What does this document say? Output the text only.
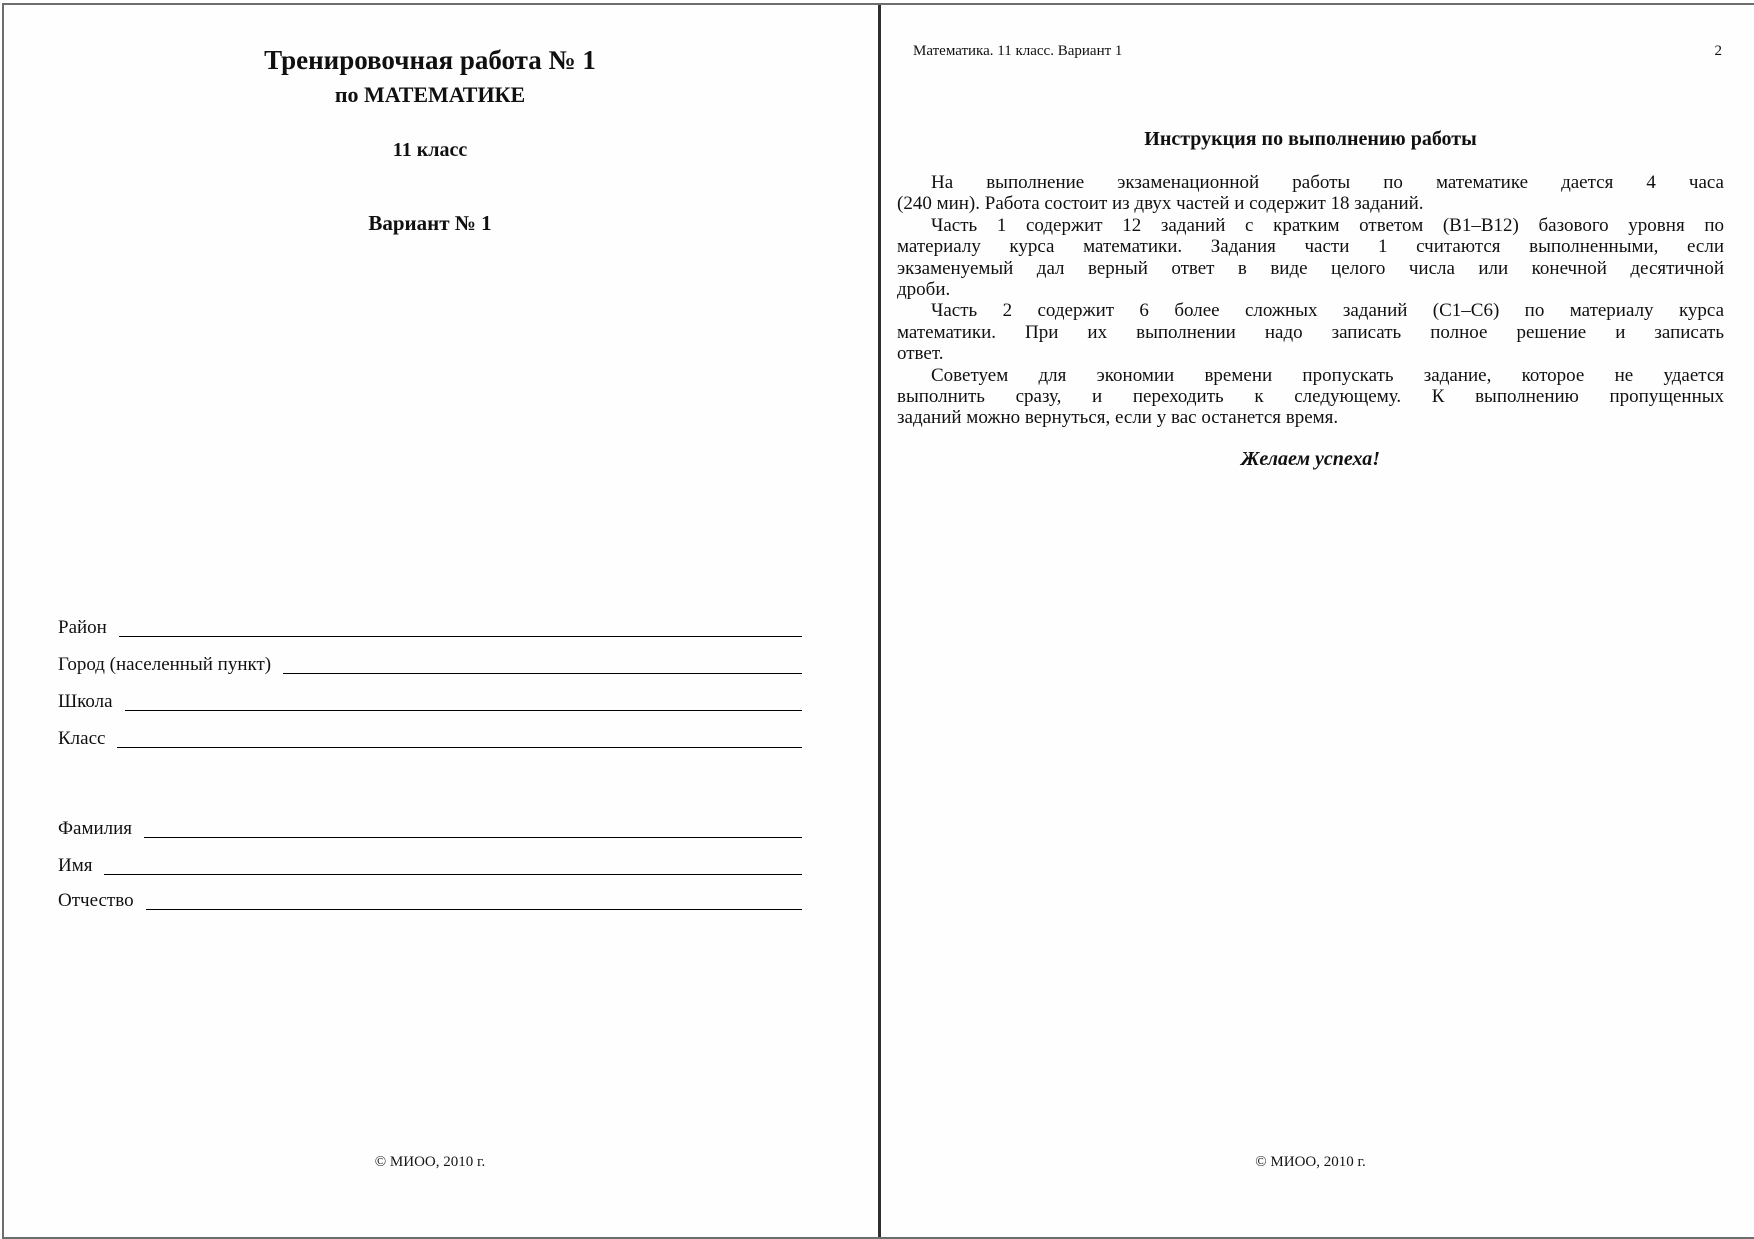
Тренировочная работа № 1
по МАТЕМАТИКЕ
11 класс
Вариант № 1
Район
Город (населенный пункт)
Школа
Класс
Фамилия
Имя
Отчество
© МИОО, 2010 г.
Математика. 11 класс. Вариант 1	2
Инструкция по выполнению работы
На выполнение экзаменационной работы по математике дается 4 часа
(240 мин). Работа состоит из двух частей и содержит 18 заданий.
Часть 1 содержит 12 заданий с кратким ответом (В1–В12) базового уровня по
материалу курса математики. Задания части 1 считаются выполненными, если
экзаменуемый дал верный ответ в виде целого числа или конечной десятичной
дроби.
Часть 2 содержит 6 более сложных заданий (С1–С6) по материалу курса
математики. При их выполнении надо записать полное решение и записать
ответ.
Советуем для экономии времени пропускать задание, которое не удается
выполнить сразу, и переходить к следующему. К выполнению пропущенных
заданий можно вернуться, если у вас останется время.
Желаем успеха!
© МИОО, 2010 г.
